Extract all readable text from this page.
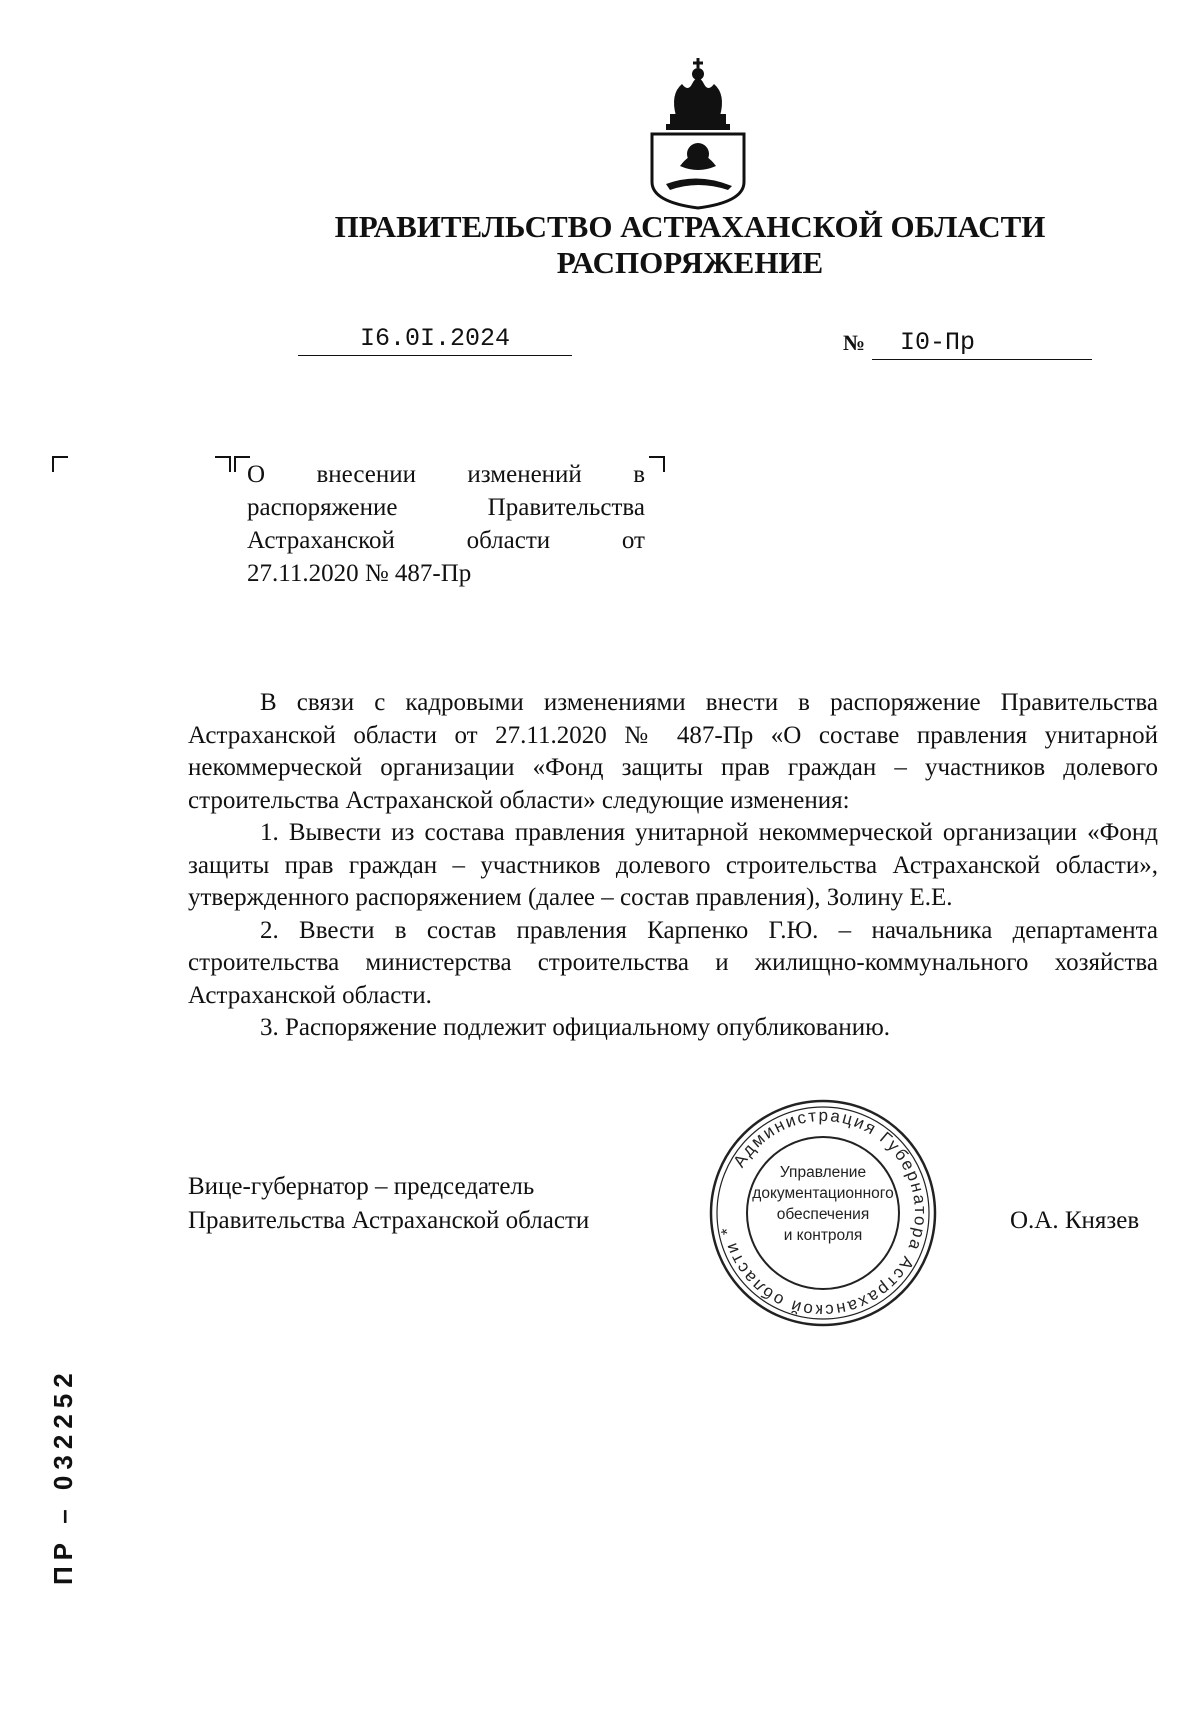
ПРАВИТЕЛЬСТВО АСТРАХАНСКОЙ ОБЛАСТИ
РАСПОРЯЖЕНИЕ
I6.0I.2024	№	I0-Пр
О внесении изменений в
распоряжение Правительства
Астраханской области от
27.11.2020 № 487-Пр

В связи с кадровыми изменениями внести в распоряжение Правительства Астраханской области от 27.11.2020 № 487-Пр «О составе правления унитарной некоммерческой организации «Фонд защиты прав граждан – участников долевого строительства Астраханской области» следующие изменения:

1. Вывести из состава правления унитарной некоммерческой организации «Фонд защиты прав граждан – участников долевого строительства Астраханской области», утвержденного распоряжением (далее – состав правления), Золину Е.Е.

2. Ввести в состав правления Карпенко Г.Ю. – начальника департамента строительства министерства строительства и жилищно-коммунального хозяйства Астраханской области.

3. Распоряжение подлежит официальному опубликованию.

Вице-губернатор – председатель
Правительства Астраханской области	О.А. Князев
Администрация Губернатора Астраханской области *
Управление
документационного
обеспечения
и контроля
ПР – 032252
